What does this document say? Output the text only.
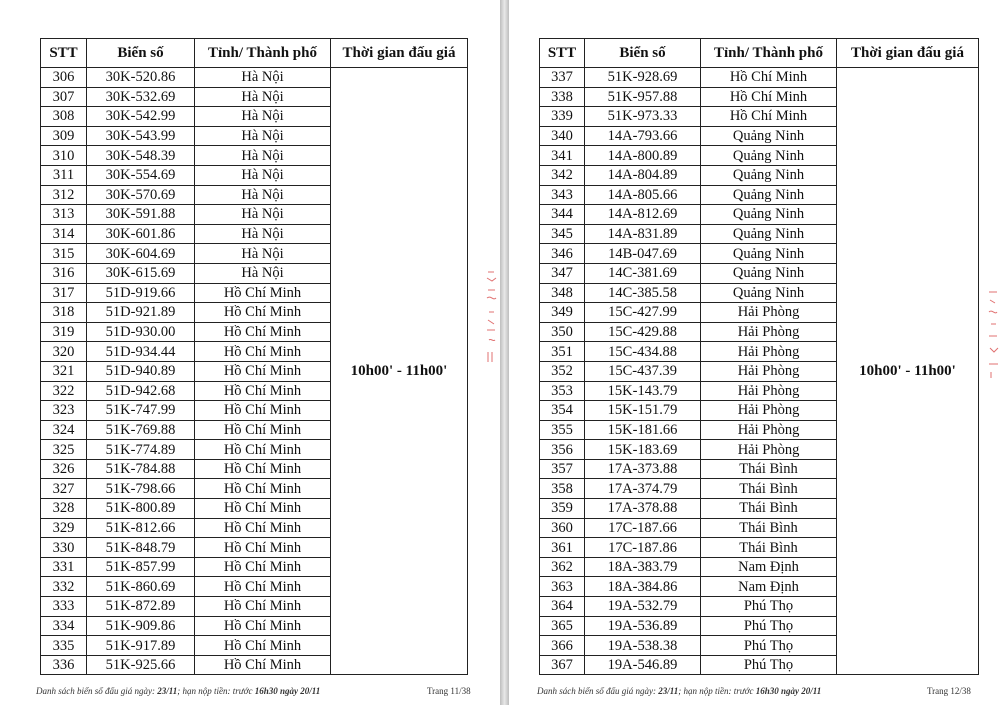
STT	Biển số	Tỉnh/ Thành phố	Thời gian đấu giá
306	30K-520.86	Hà Nội	10h00' - 11h00'
307	30K-532.69	Hà Nội	
308	30K-542.99	Hà Nội	
309	30K-543.99	Hà Nội	
310	30K-548.39	Hà Nội	
311	30K-554.69	Hà Nội	
312	30K-570.69	Hà Nội	
313	30K-591.88	Hà Nội	
314	30K-601.86	Hà Nội	
315	30K-604.69	Hà Nội	
316	30K-615.69	Hà Nội	
317	51D-919.66	Hồ Chí Minh	
318	51D-921.89	Hồ Chí Minh	
319	51D-930.00	Hồ Chí Minh	
320	51D-934.44	Hồ Chí Minh	
321	51D-940.89	Hồ Chí Minh	
322	51D-942.68	Hồ Chí Minh	
323	51K-747.99	Hồ Chí Minh	
324	51K-769.88	Hồ Chí Minh	
325	51K-774.89	Hồ Chí Minh	
326	51K-784.88	Hồ Chí Minh	
327	51K-798.66	Hồ Chí Minh	
328	51K-800.89	Hồ Chí Minh	
329	51K-812.66	Hồ Chí Minh	
330	51K-848.79	Hồ Chí Minh	
331	51K-857.99	Hồ Chí Minh	
332	51K-860.69	Hồ Chí Minh	
333	51K-872.89	Hồ Chí Minh	
334	51K-909.86	Hồ Chí Minh	
335	51K-917.89	Hồ Chí Minh	
336	51K-925.66	Hồ Chí Minh	
Danh sách biển số đấu giá ngày: 23/11; hạn nộp tiền: trước 16h30 ngày 20/11	Trang 11/38
STT	Biển số	Tỉnh/ Thành phố	Thời gian đấu giá
337	51K-928.69	Hồ Chí Minh	10h00' - 11h00'
338	51K-957.88	Hồ Chí Minh	
339	51K-973.33	Hồ Chí Minh	
340	14A-793.66	Quảng Ninh	
341	14A-800.89	Quảng Ninh	
342	14A-804.89	Quảng Ninh	
343	14A-805.66	Quảng Ninh	
344	14A-812.69	Quảng Ninh	
345	14A-831.89	Quảng Ninh	
346	14B-047.69	Quảng Ninh	
347	14C-381.69	Quảng Ninh	
348	14C-385.58	Quảng Ninh	
349	15C-427.99	Hải Phòng	
350	15C-429.88	Hải Phòng	
351	15C-434.88	Hải Phòng	
352	15C-437.39	Hải Phòng	
353	15K-143.79	Hải Phòng	
354	15K-151.79	Hải Phòng	
355	15K-181.66	Hải Phòng	
356	15K-183.69	Hải Phòng	
357	17A-373.88	Thái Bình	
358	17A-374.79	Thái Bình	
359	17A-378.88	Thái Bình	
360	17C-187.66	Thái Bình	
361	17C-187.86	Thái Bình	
362	18A-383.79	Nam Định	
363	18A-384.86	Nam Định	
364	19A-532.79	Phú Thọ	
365	19A-536.89	Phú Thọ	
366	19A-538.38	Phú Thọ	
367	19A-546.89	Phú Thọ	
Danh sách biển số đấu giá ngày: 23/11; hạn nộp tiền: trước 16h30 ngày 20/11	Trang 12/38
